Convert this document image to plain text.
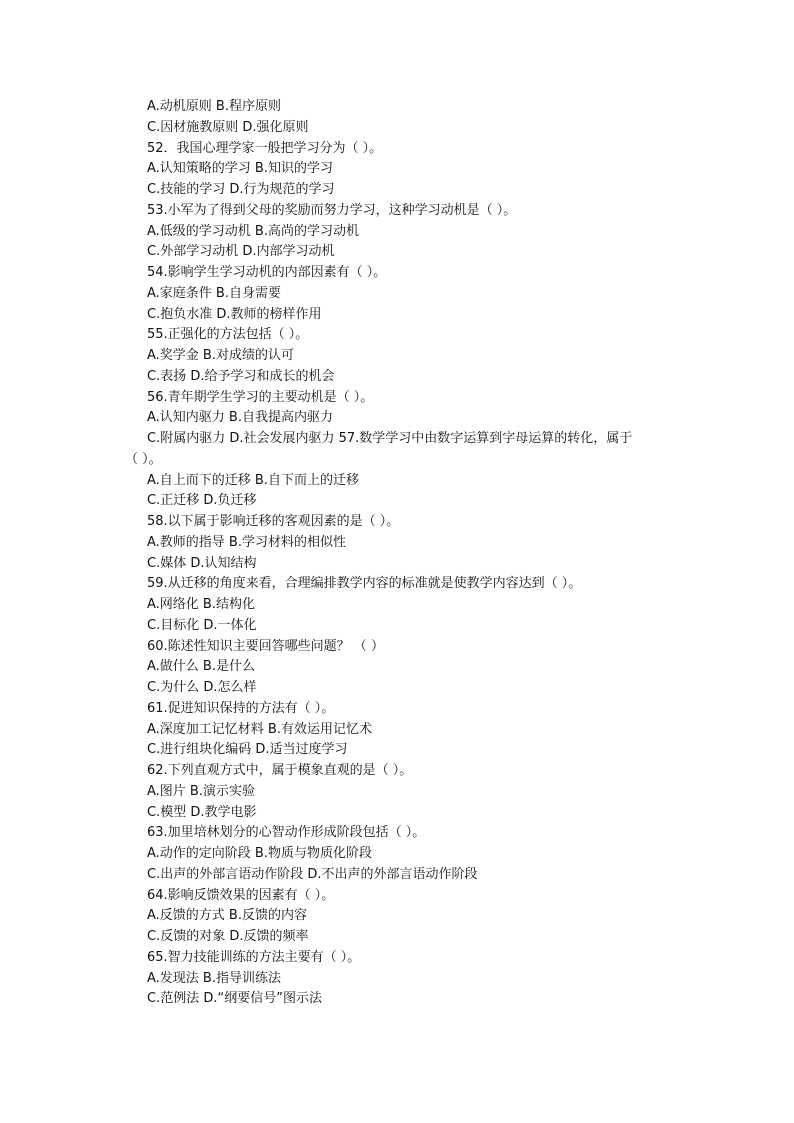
A.动机原则 B.程序原则
C.因材施教原则 D.强化原则
52．我国心理学家一般把学习分为（ ）。
A.认知策略的学习 B.知识的学习
C.技能的学习 D.行为规范的学习
53.小军为了得到父母的奖励而努力学习，这种学习动机是（ ）。
A.低级的学习动机 B.高尚的学习动机
C.外部学习动机 D.内部学习动机
54.影响学生学习动机的内部因素有（ ）。
A.家庭条件 B.自身需要
C.抱负水准 D.教师的榜样作用
55.正强化的方法包括（ ）。
A.奖学金 B.对成绩的认可
C.表扬 D.给予学习和成长的机会
56.青年期学生学习的主要动机是（ ）。
A.认知内驱力 B.自我提高内驱力
C.附属内驱力 D.社会发展内驱力 57.数学学习中由数字运算到字母运算的转化，属于
（ ）。
A.自上而下的迁移 B.自下而上的迁移
C.正迁移 D.负迁移
58.以下属于影响迁移的客观因素的是（ ）。
A.教师的指导 B.学习材料的相似性
C.媒体 D.认知结构
59.从迁移的角度来看，合理编排教学内容的标准就是使教学内容达到（ ）。
A.网络化 B.结构化
C.目标化 D.一体化
60.陈述性知识主要回答哪些问题？ （ ）
A.做什么 B.是什么
C.为什么 D.怎么样
61.促进知识保持的方法有（ ）。
A.深度加工记忆材料 B.有效运用记忆术
C.进行组块化编码 D.适当过度学习
62.下列直观方式中，属于模象直观的是（ ）。
A.图片 B.演示实验
C.模型 D.教学电影
63.加里培林划分的心智动作形成阶段包括（ ）。
A.动作的定向阶段 B.物质与物质化阶段
C.出声的外部言语动作阶段 D.不出声的外部言语动作阶段
64.影响反馈效果的因素有（ ）。
A.反馈的方式 B.反馈的内容
C.反馈的对象 D.反馈的频率
65.智力技能训练的方法主要有（ ）。
A.发现法 B.指导训练法
C.范例法 D.“纲要信号”图示法
